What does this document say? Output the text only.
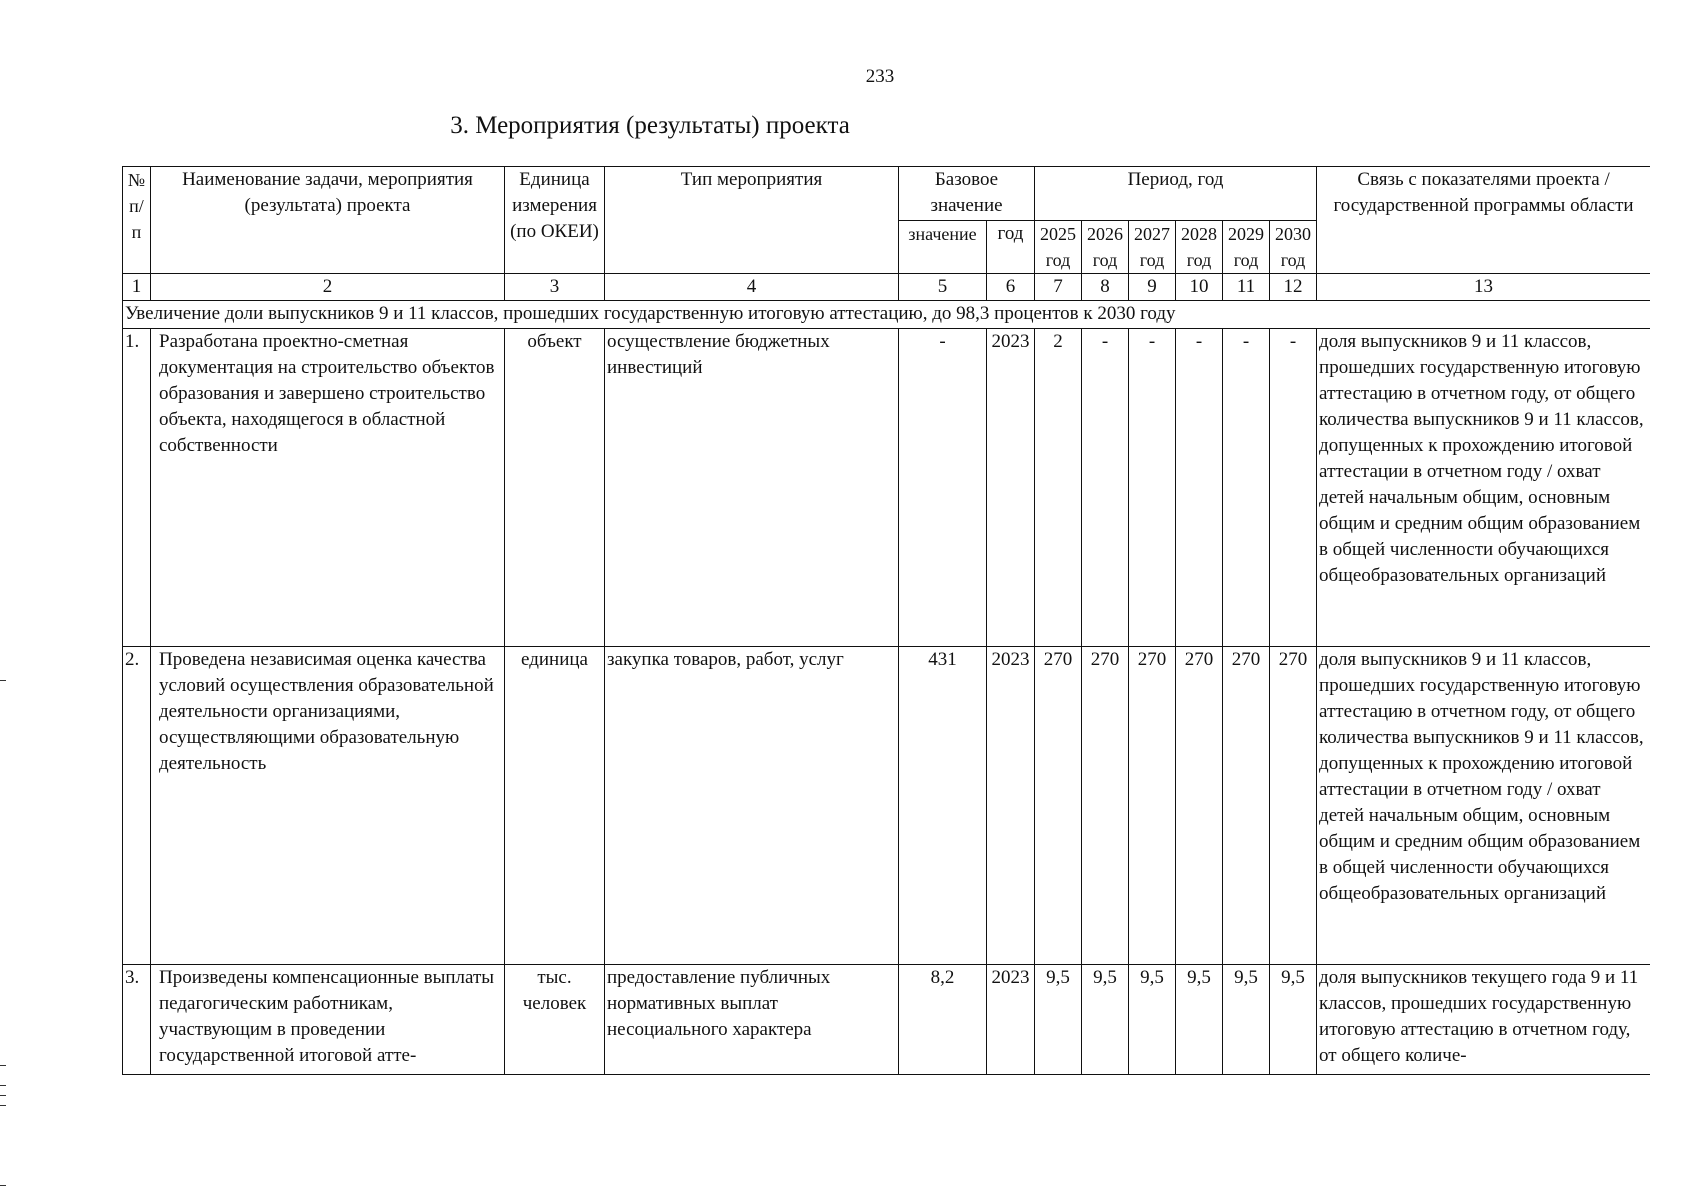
233
3. Мероприятия (результаты) проекта
№ п/п	Наименование задачи, мероприятия (результата) проекта	Единица измерения (по ОКЕИ)	Тип мероприятия	Базовое значение		Период, год						Связь с показателями проекта / государственной программы области
				значение	год	2025 год	2026 год	2027 год	2028 год	2029 год	2030 год	
1	2	3	4	5	6	7	8	9	10	11	12	13
Увеличение доли выпускников 9 и 11 классов, прошедших государственную итоговую аттестацию, до 98,3 процентов к 2030 году												
1.	Разработана проектно-сметная документация на строительство объектов образования и завершено строительство объекта, находящегося в областной собственности	объект	осуществление бюджетных инвестиций	-	2023	2	-	-	-	-	-	доля выпускников 9 и 11 классов, прошедших государственную итоговую аттестацию в отчетном году, от общего количества выпускников 9 и 11 классов, допущенных к прохождению итоговой аттестации в отчетном году / охват детей начальным общим, основным общим и средним общим образованием в общей численности обучающихся общеобразовательных организаций
2.	Проведена независимая оценка качества условий осуществления образовательной деятельности организациями, осуществляющими образовательную деятельность	единица	закупка товаров, работ, услуг	431	2023	270	270	270	270	270	270	доля выпускников 9 и 11 классов, прошедших государственную итоговую аттестацию в отчетном году, от общего количества выпускников 9 и 11 классов, допущенных к прохождению итоговой аттестации в отчетном году / охват детей начальным общим, основным общим и средним общим образованием в общей численности обучающихся общеобразовательных организаций
3.	Произведены компенсационные выплаты педагогическим работникам, участвующим в проведении государственной итоговой атте-	тыс. человек	предоставление публичных нормативных выплат несоциального характера	8,2	2023	9,5	9,5	9,5	9,5	9,5	9,5	доля выпускников текущего года 9 и 11 классов, прошедших государственную итоговую аттестацию в отчетном году, от общего количе-
